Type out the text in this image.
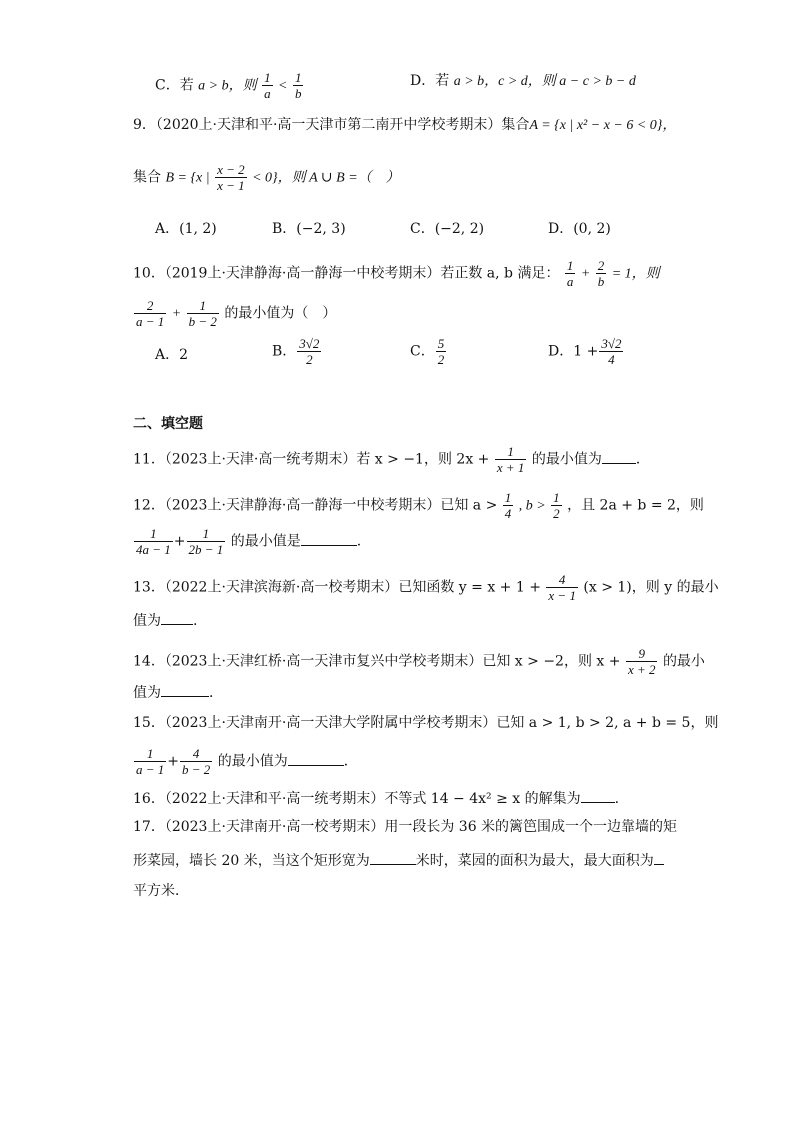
C．若 a > b，则 $\frac{1}{a} < \frac{1}{b}$	D．若 a > b，c > d，则 a − c > b − d
9．（2020上·天津和平·高一天津市第二南开中学校考期末）集合A = {x | x² − x − 6 < 0}，
集合 B = {x | $\frac{x - 2}{x - 1} < 0$}，则 A ∪ B =（　）
A．(1, 2)	B．(−2, 3)	C．(−2, 2)	D．(0, 2)
10．（2019上·天津静海·高一静海一中校考期末）若正数 a, b 满足： $\frac{1}{a} + \frac{2}{b} = 1$，则
$\frac{2}{a - 1} + \frac{1}{b - 2}$ 的最小值为（　）
A．2	B． $\frac{3√2}{2}$	C． $\frac{5}{2}$	D．$1 + \frac{3√2}{4}$
二、填空题
11．（2023上·天津·高一统考期末）若 x > −1，则 $2x + \frac{1}{x + 1}$ 的最小值为 ．
12．（2023上·天津静海·高一静海一中校考期末）已知 $a > \frac{1}{4}$ , $b > \frac{1}{2}$ ，且 2a + b = 2，则
$\frac{1}{4a - 1} + \frac{1}{2b - 1}$ 的最小值是	.
13．（2022上·天津滨海新·高一校考期末）已知函数 $y = x + 1 + \frac{4}{x - 1} (x > 1)$，则 y 的最小
值为 .
14．（2023上·天津红桥·高一天津市复兴中学校考期末）已知 x > −2，则 $x + \frac{9}{x + 2}$ 的最小
值为	．
15．（2023上·天津南开·高一天津大学附属中学校考期末）已知 a > 1, b > 2, a + b = 5，则
$\frac{1}{a - 1} + \frac{4}{b - 2}$ 的最小值为	．
16．（2022上·天津和平·高一统考期末）不等式 14 − 4x² ≥ x 的解集为 .
17．（2023上·天津南开·高一校考期末）用一段长为 36 米的篱笆围成一个一边靠墙的矩
形菜园，墙长 20 米，当这个矩形宽为	米时，菜园的面积为最大，最大面积为
平方米．
